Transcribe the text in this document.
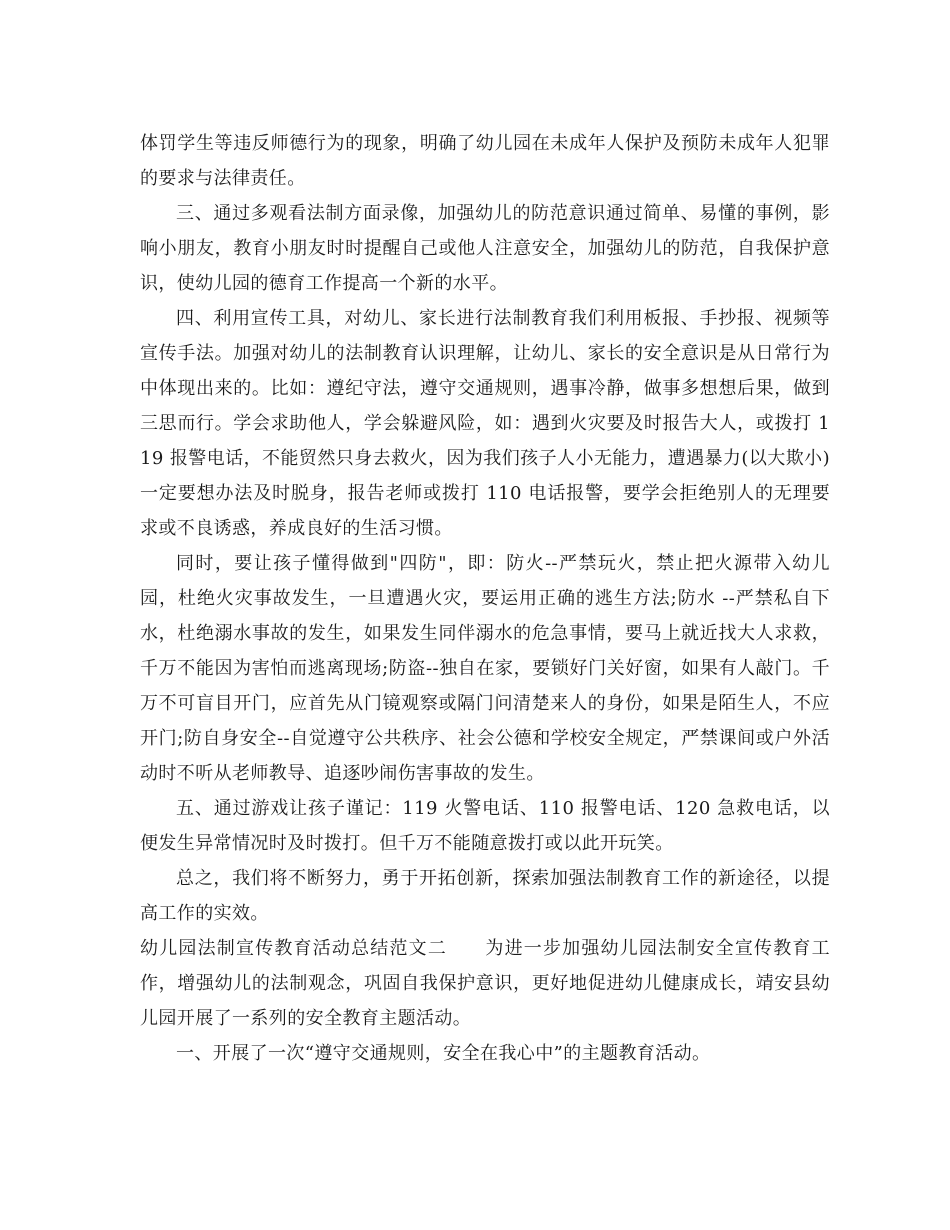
体罚学生等违反师德行为的现象，明确了幼儿园在未成年人保护及预防未成年人犯罪的要求与法律责任。

三、通过多观看法制方面录像，加强幼儿的防范意识通过简单、易懂的事例，影响小朋友，教育小朋友时时提醒自己或他人注意安全，加强幼儿的防范，自我保护意识，使幼儿园的德育工作提高一个新的水平。

四、利用宣传工具，对幼儿、家长进行法制教育我们利用板报、手抄报、视频等宣传手法。加强对幼儿的法制教育认识理解，让幼儿、家长的安全意识是从日常行为中体现出来的。比如：遵纪守法，遵守交通规则，遇事冷静，做事多想想后果，做到三思而行。学会求助他人，学会躲避风险，如：遇到火灾要及时报告大人，或拨打 119 报警电话，不能贸然只身去救火，因为我们孩子人小无能力，遭遇暴力(以大欺小)一定要想办法及时脱身，报告老师或拨打 110 电话报警，要学会拒绝别人的无理要求或不良诱惑，养成良好的生活习惯。

同时，要让孩子懂得做到"四防"，即：防火--严禁玩火，禁止把火源带入幼儿园，杜绝火灾事故发生，一旦遭遇火灾，要运用正确的逃生方法;防水 --严禁私自下水，杜绝溺水事故的发生，如果发生同伴溺水的危急事情，要马上就近找大人求救，千万不能因为害怕而逃离现场;防盗--独自在家，要锁好门关好窗，如果有人敲门。千万不可盲目开门，应首先从门镜观察或隔门问清楚来人的身份，如果是陌生人，不应开门;防自身安全--自觉遵守公共秩序、社会公德和学校安全规定，严禁课间或户外活动时不听从老师教导、追逐吵闹伤害事故的发生。

五、通过游戏让孩子谨记：119 火警电话、110 报警电话、120 急救电话，以便发生异常情况时及时拨打。但千万不能随意拨打或以此开玩笑。

总之，我们将不断努力，勇于开拓创新，探索加强法制教育工作的新途径，以提高工作的实效。

幼儿园法制宣传教育活动总结范文二　　为进一步加强幼儿园法制安全宣传教育工作，增强幼儿的法制观念，巩固自我保护意识，更好地促进幼儿健康成长，靖安县幼儿园开展了一系列的安全教育主题活动。

一、开展了一次“遵守交通规则，安全在我心中”的主题教育活动。
